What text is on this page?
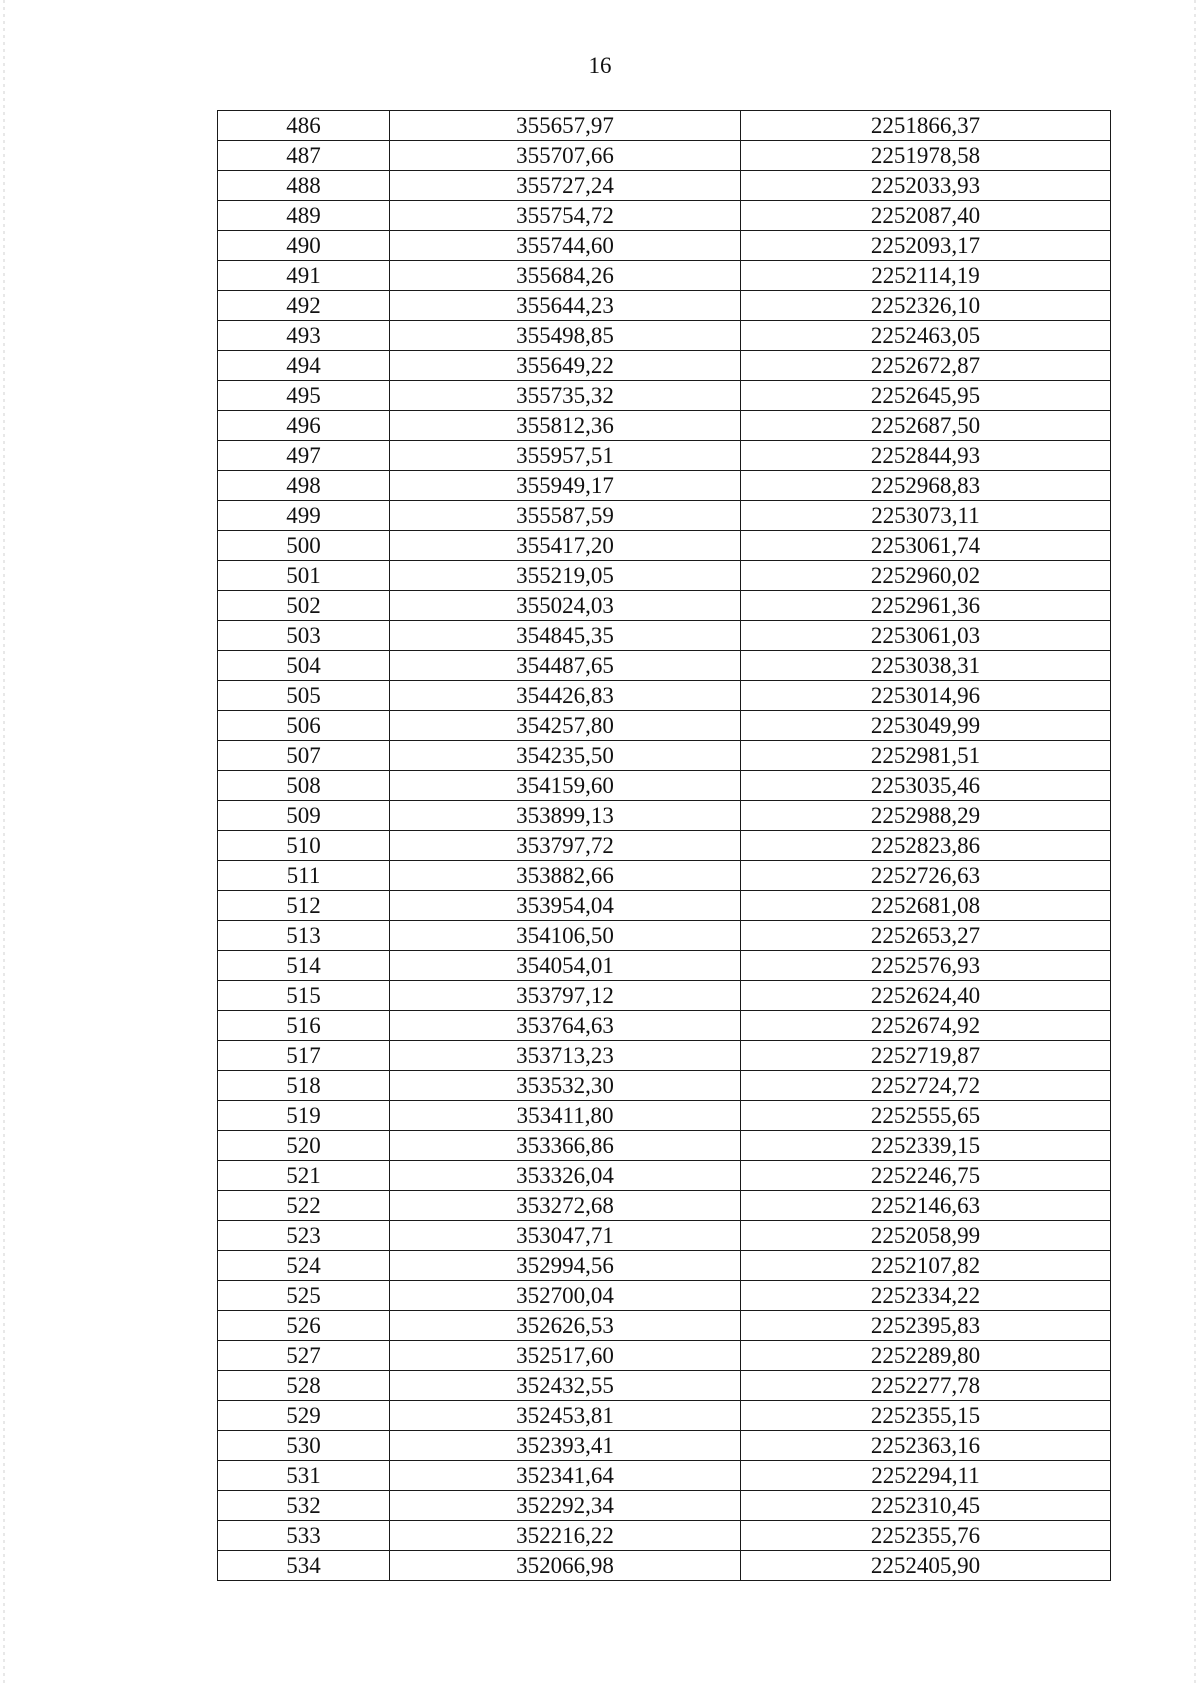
16
486	355657,97	2251866,37
487	355707,66	2251978,58
488	355727,24	2252033,93
489	355754,72	2252087,40
490	355744,60	2252093,17
491	355684,26	2252114,19
492	355644,23	2252326,10
493	355498,85	2252463,05
494	355649,22	2252672,87
495	355735,32	2252645,95
496	355812,36	2252687,50
497	355957,51	2252844,93
498	355949,17	2252968,83
499	355587,59	2253073,11
500	355417,20	2253061,74
501	355219,05	2252960,02
502	355024,03	2252961,36
503	354845,35	2253061,03
504	354487,65	2253038,31
505	354426,83	2253014,96
506	354257,80	2253049,99
507	354235,50	2252981,51
508	354159,60	2253035,46
509	353899,13	2252988,29
510	353797,72	2252823,86
511	353882,66	2252726,63
512	353954,04	2252681,08
513	354106,50	2252653,27
514	354054,01	2252576,93
515	353797,12	2252624,40
516	353764,63	2252674,92
517	353713,23	2252719,87
518	353532,30	2252724,72
519	353411,80	2252555,65
520	353366,86	2252339,15
521	353326,04	2252246,75
522	353272,68	2252146,63
523	353047,71	2252058,99
524	352994,56	2252107,82
525	352700,04	2252334,22
526	352626,53	2252395,83
527	352517,60	2252289,80
528	352432,55	2252277,78
529	352453,81	2252355,15
530	352393,41	2252363,16
531	352341,64	2252294,11
532	352292,34	2252310,45
533	352216,22	2252355,76
534	352066,98	2252405,90
